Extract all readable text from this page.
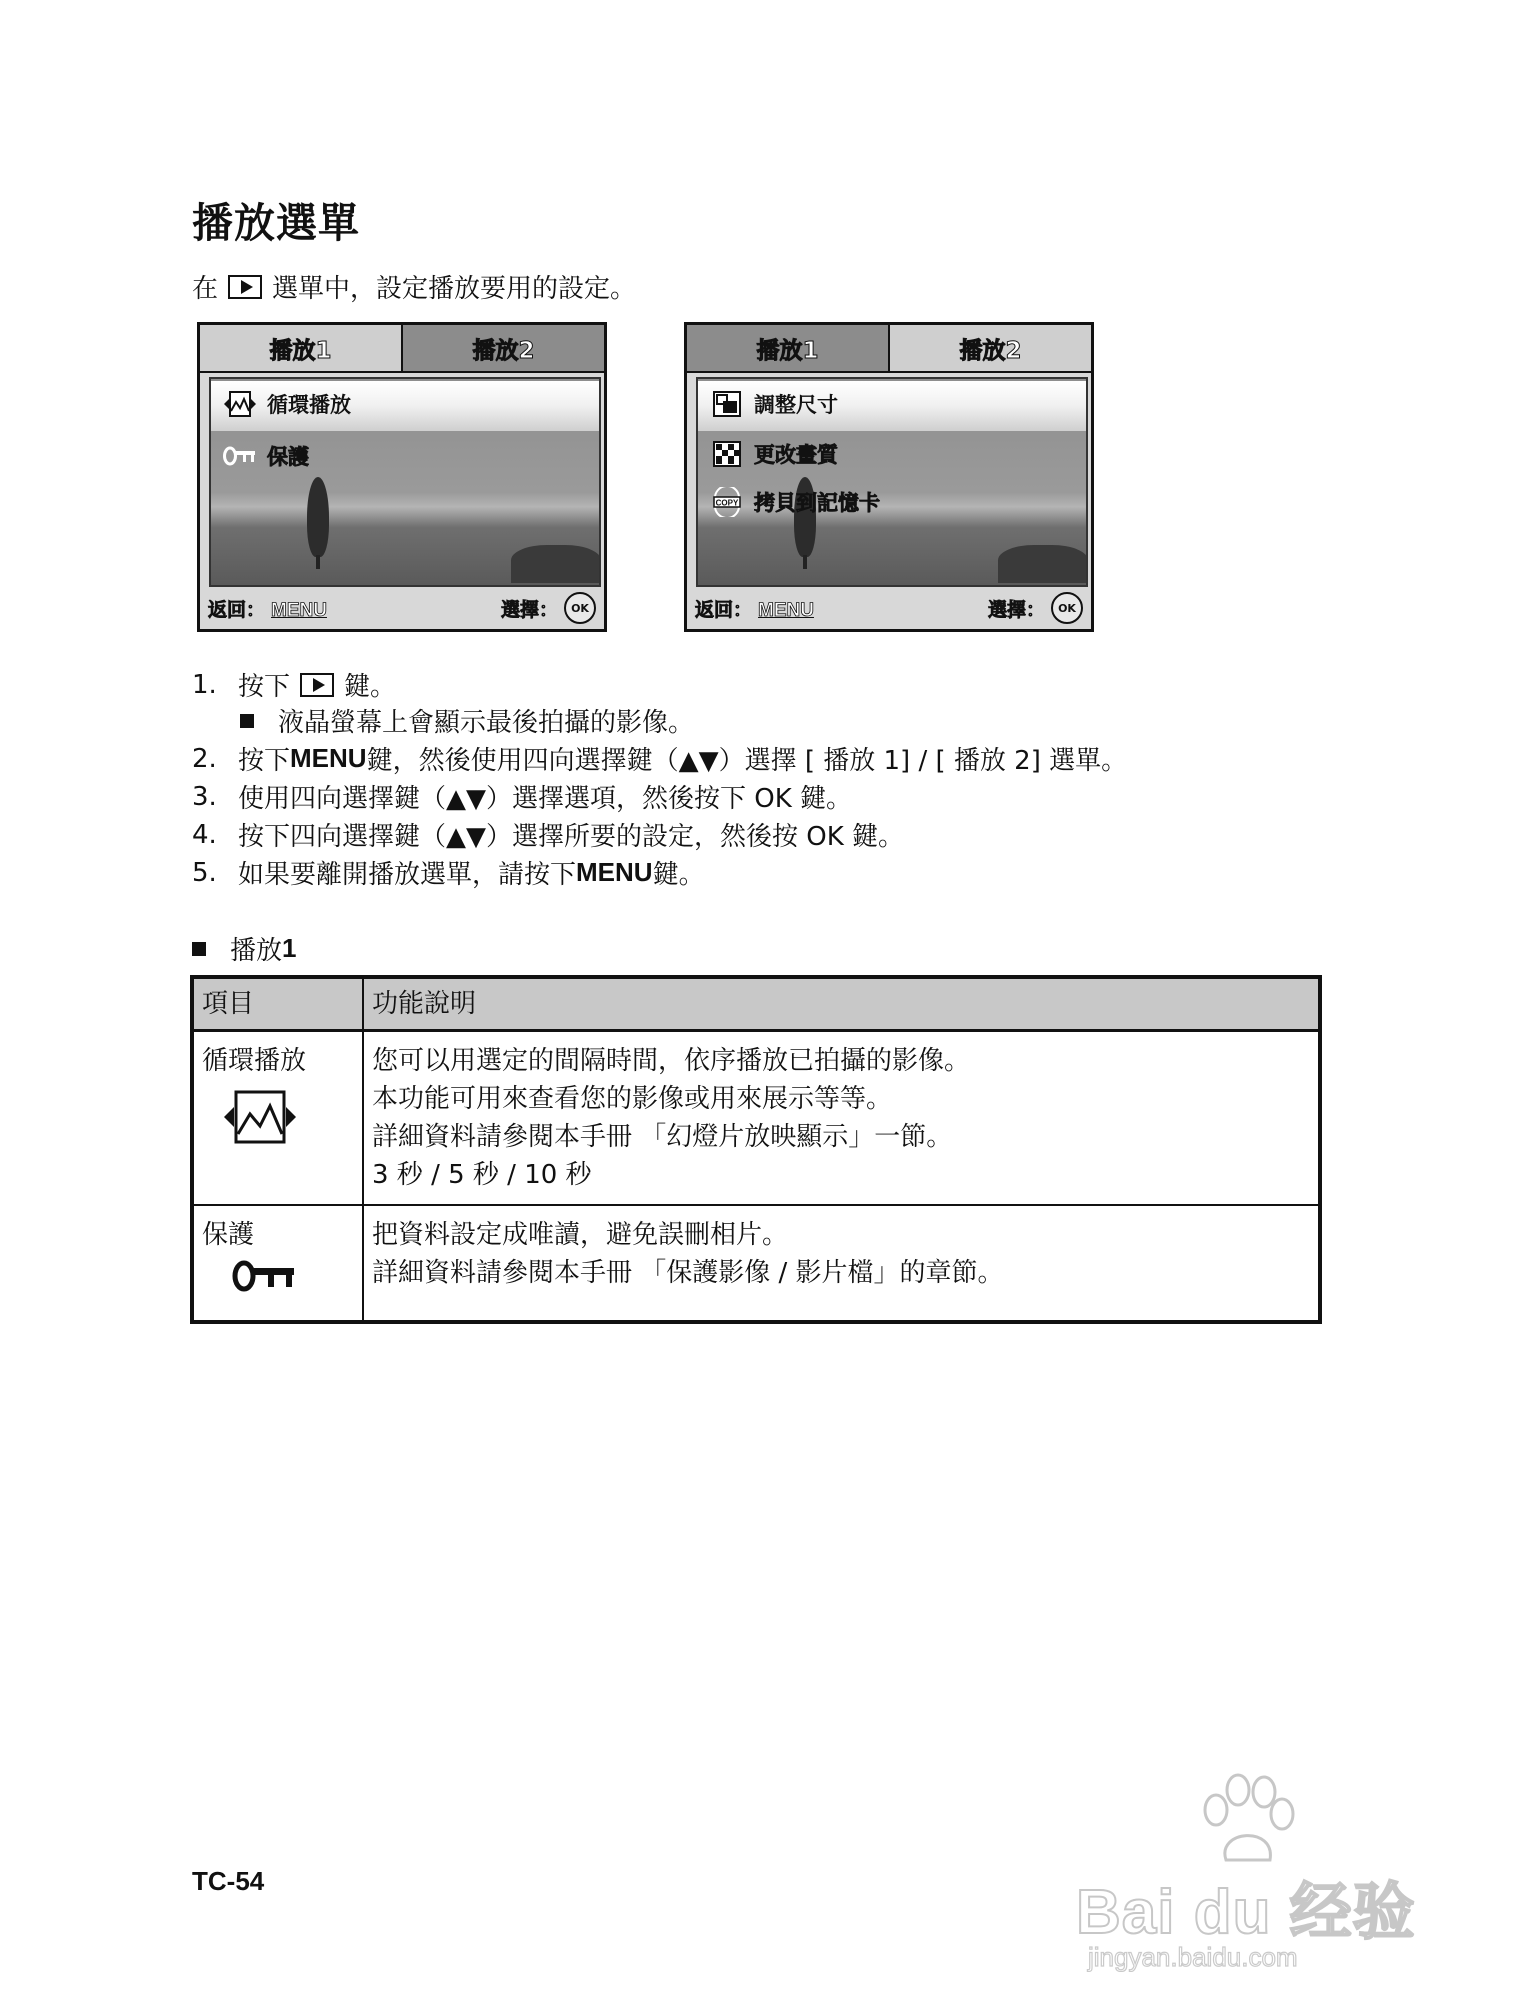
播放選單
在 選單中，設定播放要用的設定。
播放1	播放2
循環播放
保護
返回： MENU	選擇：	OK
播放1	播放2
調整尺寸
更改畫質
COPY 拷貝到記憶卡
返回： MENU	選擇：	OK
1. 按下 鍵。
液晶螢幕上會顯示最後拍攝的影像。
2. 按下 MENU 鍵，然後使用四向選擇鍵（▲▼）選擇 [ 播放 1] / [ 播放 2] 選單。
3. 使用四向選擇鍵（▲▼）選擇選項，然後按下 OK 鍵。
4. 按下四向選擇鍵（▲▼）選擇所要的設定，然後按 OK 鍵。
5. 如果要離開播放選單，請按下 MENU 鍵。
播放 1
項目	功能說明

循環播放	您可以用選定的間隔時間，依序播放已拍攝的影像。
本功能可用來查看您的影像或用來展示等等。
詳細資料請參閱本手冊 「幻燈片放映顯示」一節。
3 秒 / 5 秒 / 10 秒

保護	把資料設定成唯讀，避免誤刪相片。
詳細資料請參閱本手冊 「保護影像 / 影片檔」的章節。
TC-54	Bai du 经验
jingyan.baidu.com
